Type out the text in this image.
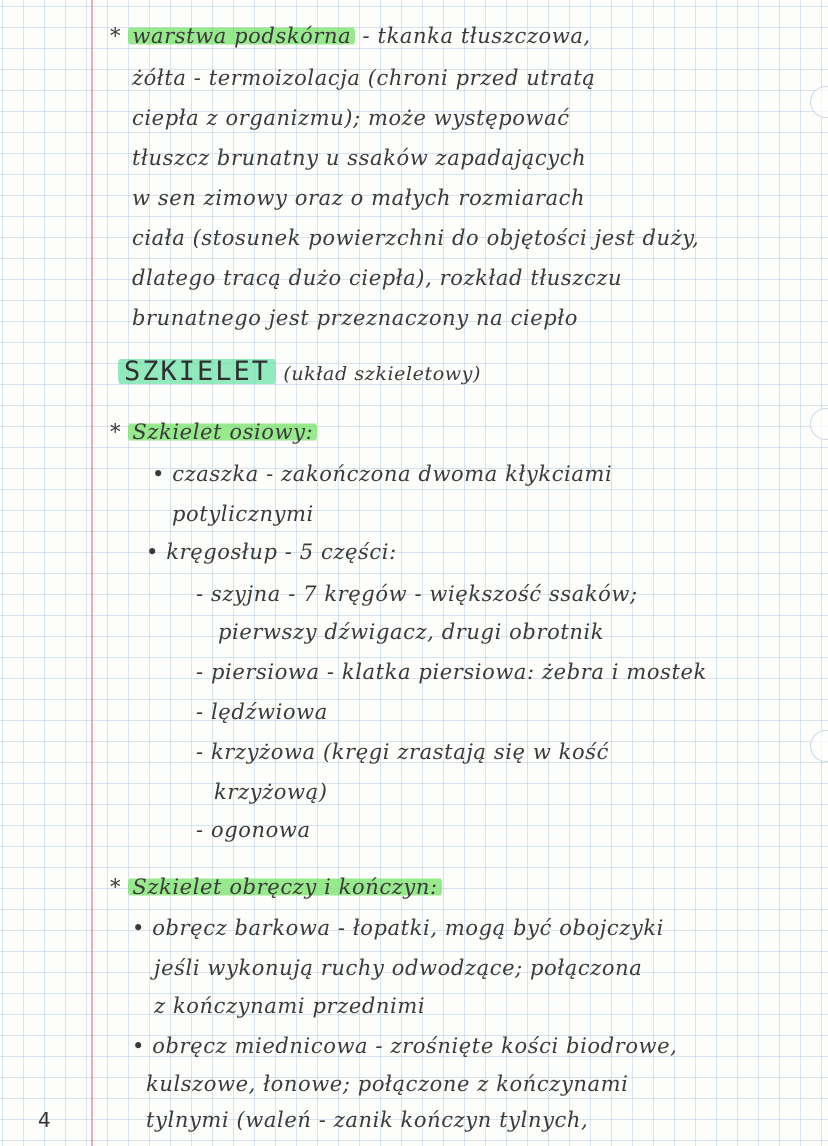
* warstwa podskórna - tkanka tłuszczowa,
żółta - termoizolacja (chroni przed utratą
ciepła z organizmu); może występować
tłuszcz brunatny u ssaków zapadających
w sen zimowy oraz o małych rozmiarach
ciała (stosunek powierzchni do objętości jest duży,
dlatego tracą dużo ciepła), rozkład tłuszczu
brunatnego jest przeznaczony na ciepło
SZKIELET (układ szkieletowy)
* Szkielet osiowy:
• czaszka - zakończona dwoma kłykciami
potylicznymi
• kręgosłup - 5 części:
- szyjna - 7 kręgów - większość ssaków;
pierwszy dźwigacz, drugi obrotnik
- piersiowa - klatka piersiowa: żebra i mostek
- lędźwiowa
- krzyżowa (kręgi zrastają się w kość
krzyżową)
- ogonowa
* Szkielet obręczy i kończyn:
• obręcz barkowa - łopatki, mogą być obojczyki
jeśli wykonują ruchy odwodzące; połączona
z kończynami przednimi
• obręcz miednicowa - zrośnięte kości biodrowe,
kulszowe, łonowe; połączone z kończynami
tylnymi (waleń - zanik kończyn tylnych,
4
